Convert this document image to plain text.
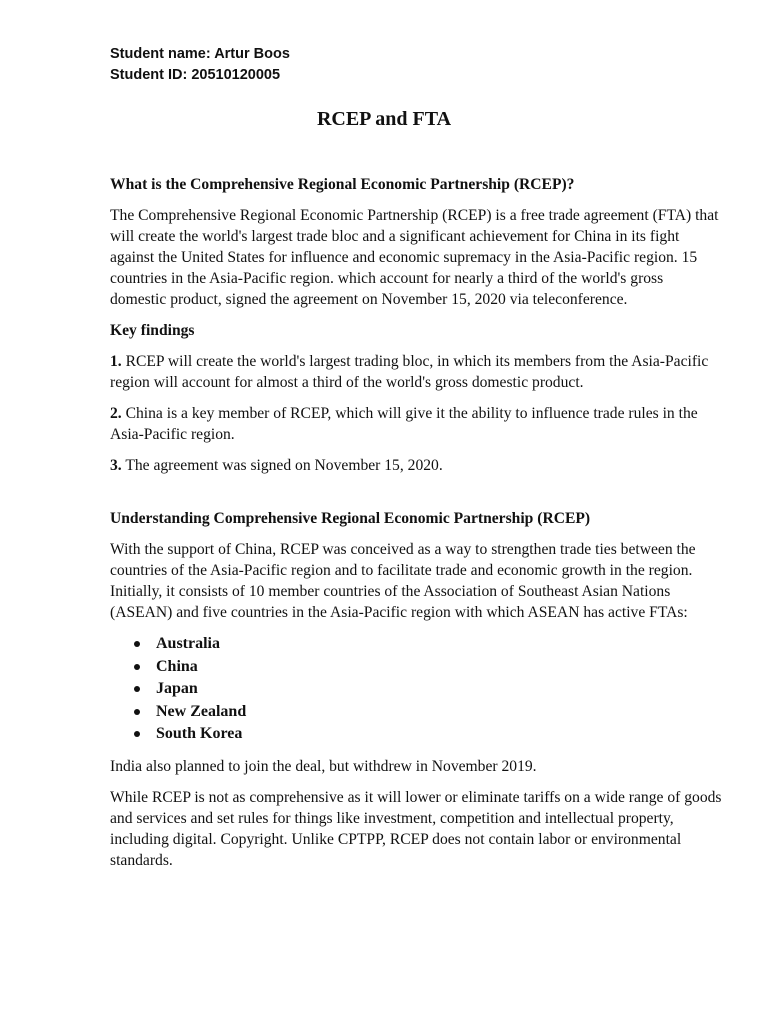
Student name: Artur Boos
Student ID: 20510120005
RCEP and FTA

What is the Comprehensive Regional Economic Partnership (RCEP)?

The Comprehensive Regional Economic Partnership (RCEP) is a free trade agreement (FTA) that will create the world's largest trade bloc and a significant achievement for China in its fight against the United States for influence and economic supremacy in the Asia-Pacific region. 15 countries in the Asia-Pacific region. which account for nearly a third of the world's gross domestic product, signed the agreement on November 15, 2020 via teleconference.

Key findings

1. RCEP will create the world's largest trading bloc, in which its members from the Asia-Pacific region will account for almost a third of the world's gross domestic product.

2. China is a key member of RCEP, which will give it the ability to influence trade rules in the Asia-Pacific region.

3. The agreement was signed on November 15, 2020.

Understanding Comprehensive Regional Economic Partnership (RCEP)

With the support of China, RCEP was conceived as a way to strengthen trade ties between the countries of the Asia-Pacific region and to facilitate trade and economic growth in the region. Initially, it consists of 10 member countries of the Association of Southeast Asian Nations (ASEAN) and five countries in the Asia-Pacific region with which ASEAN has active FTAs:

Australia
China
Japan
New Zealand
South Korea

India also planned to join the deal, but withdrew in November 2019.

While RCEP is not as comprehensive as it will lower or eliminate tariffs on a wide range of goods and services and set rules for things like investment, competition and intellectual property, including digital. Copyright. Unlike CPTPP, RCEP does not contain labor or environmental standards.
